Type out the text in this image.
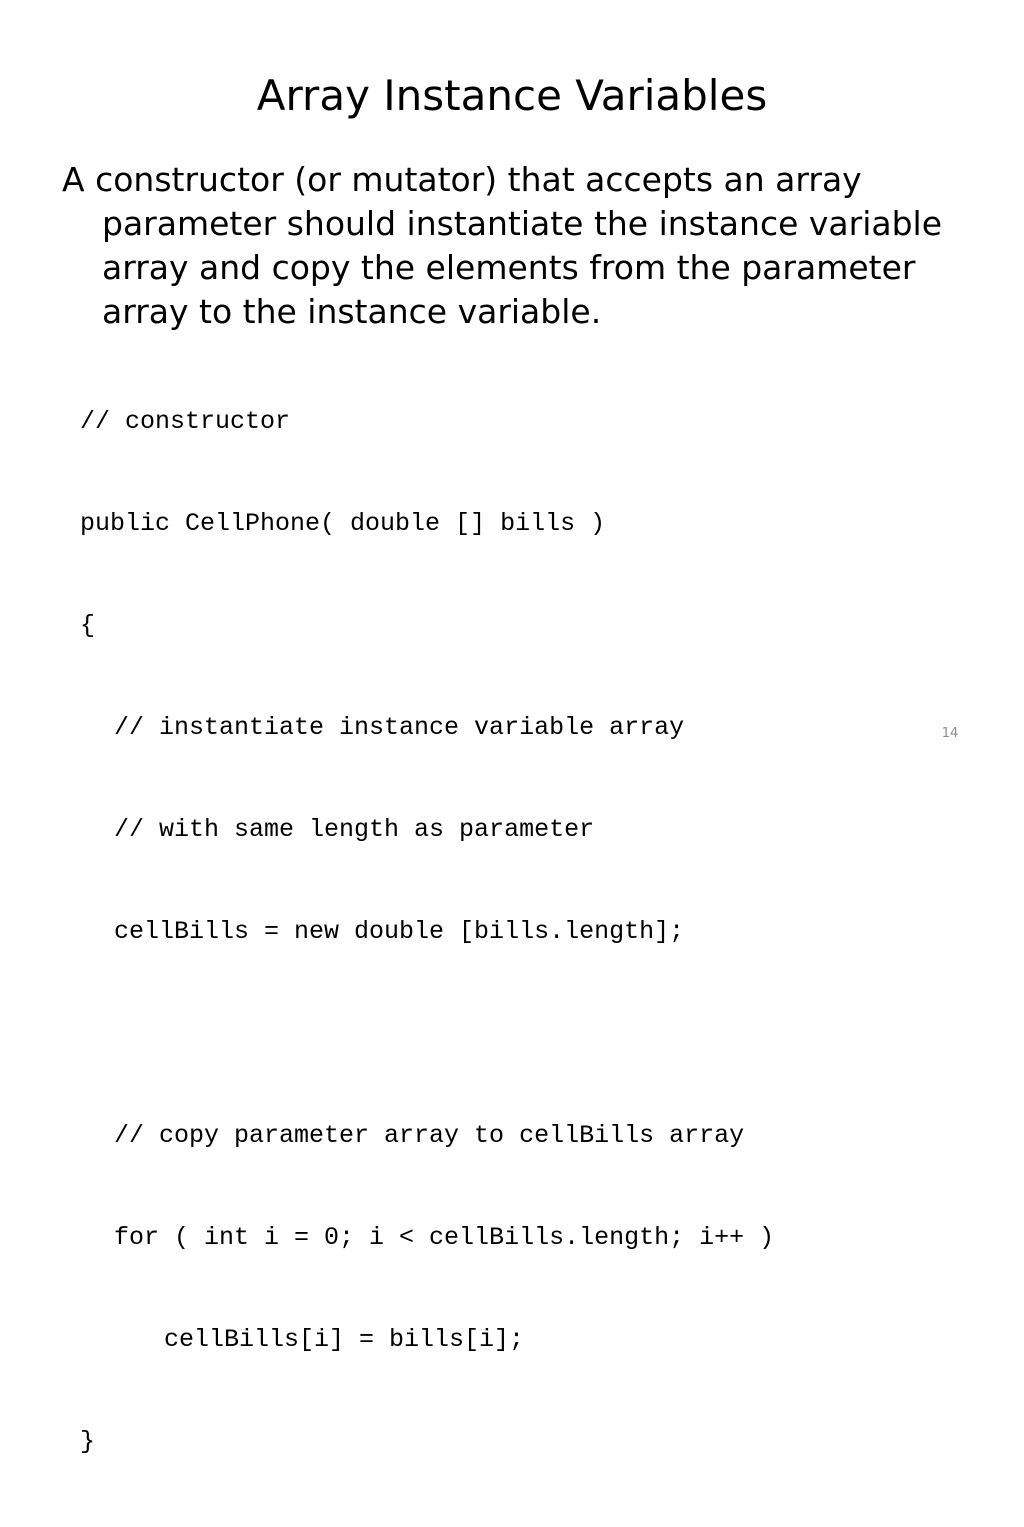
Array Instance Variables

A constructor (or mutator) that accepts an array parameter should instantiate the instance variable array and copy the elements from the parameter array to the instance variable.

// constructor

public CellPhone( double [] bills )

{

// instantiate instance variable array

// with same length as parameter

cellBills = new double [bills.length];

// copy parameter array to cellBills array

for ( int i = 0; i < cellBills.length; i++ )

cellBills[i] = bills[i];

}

14
